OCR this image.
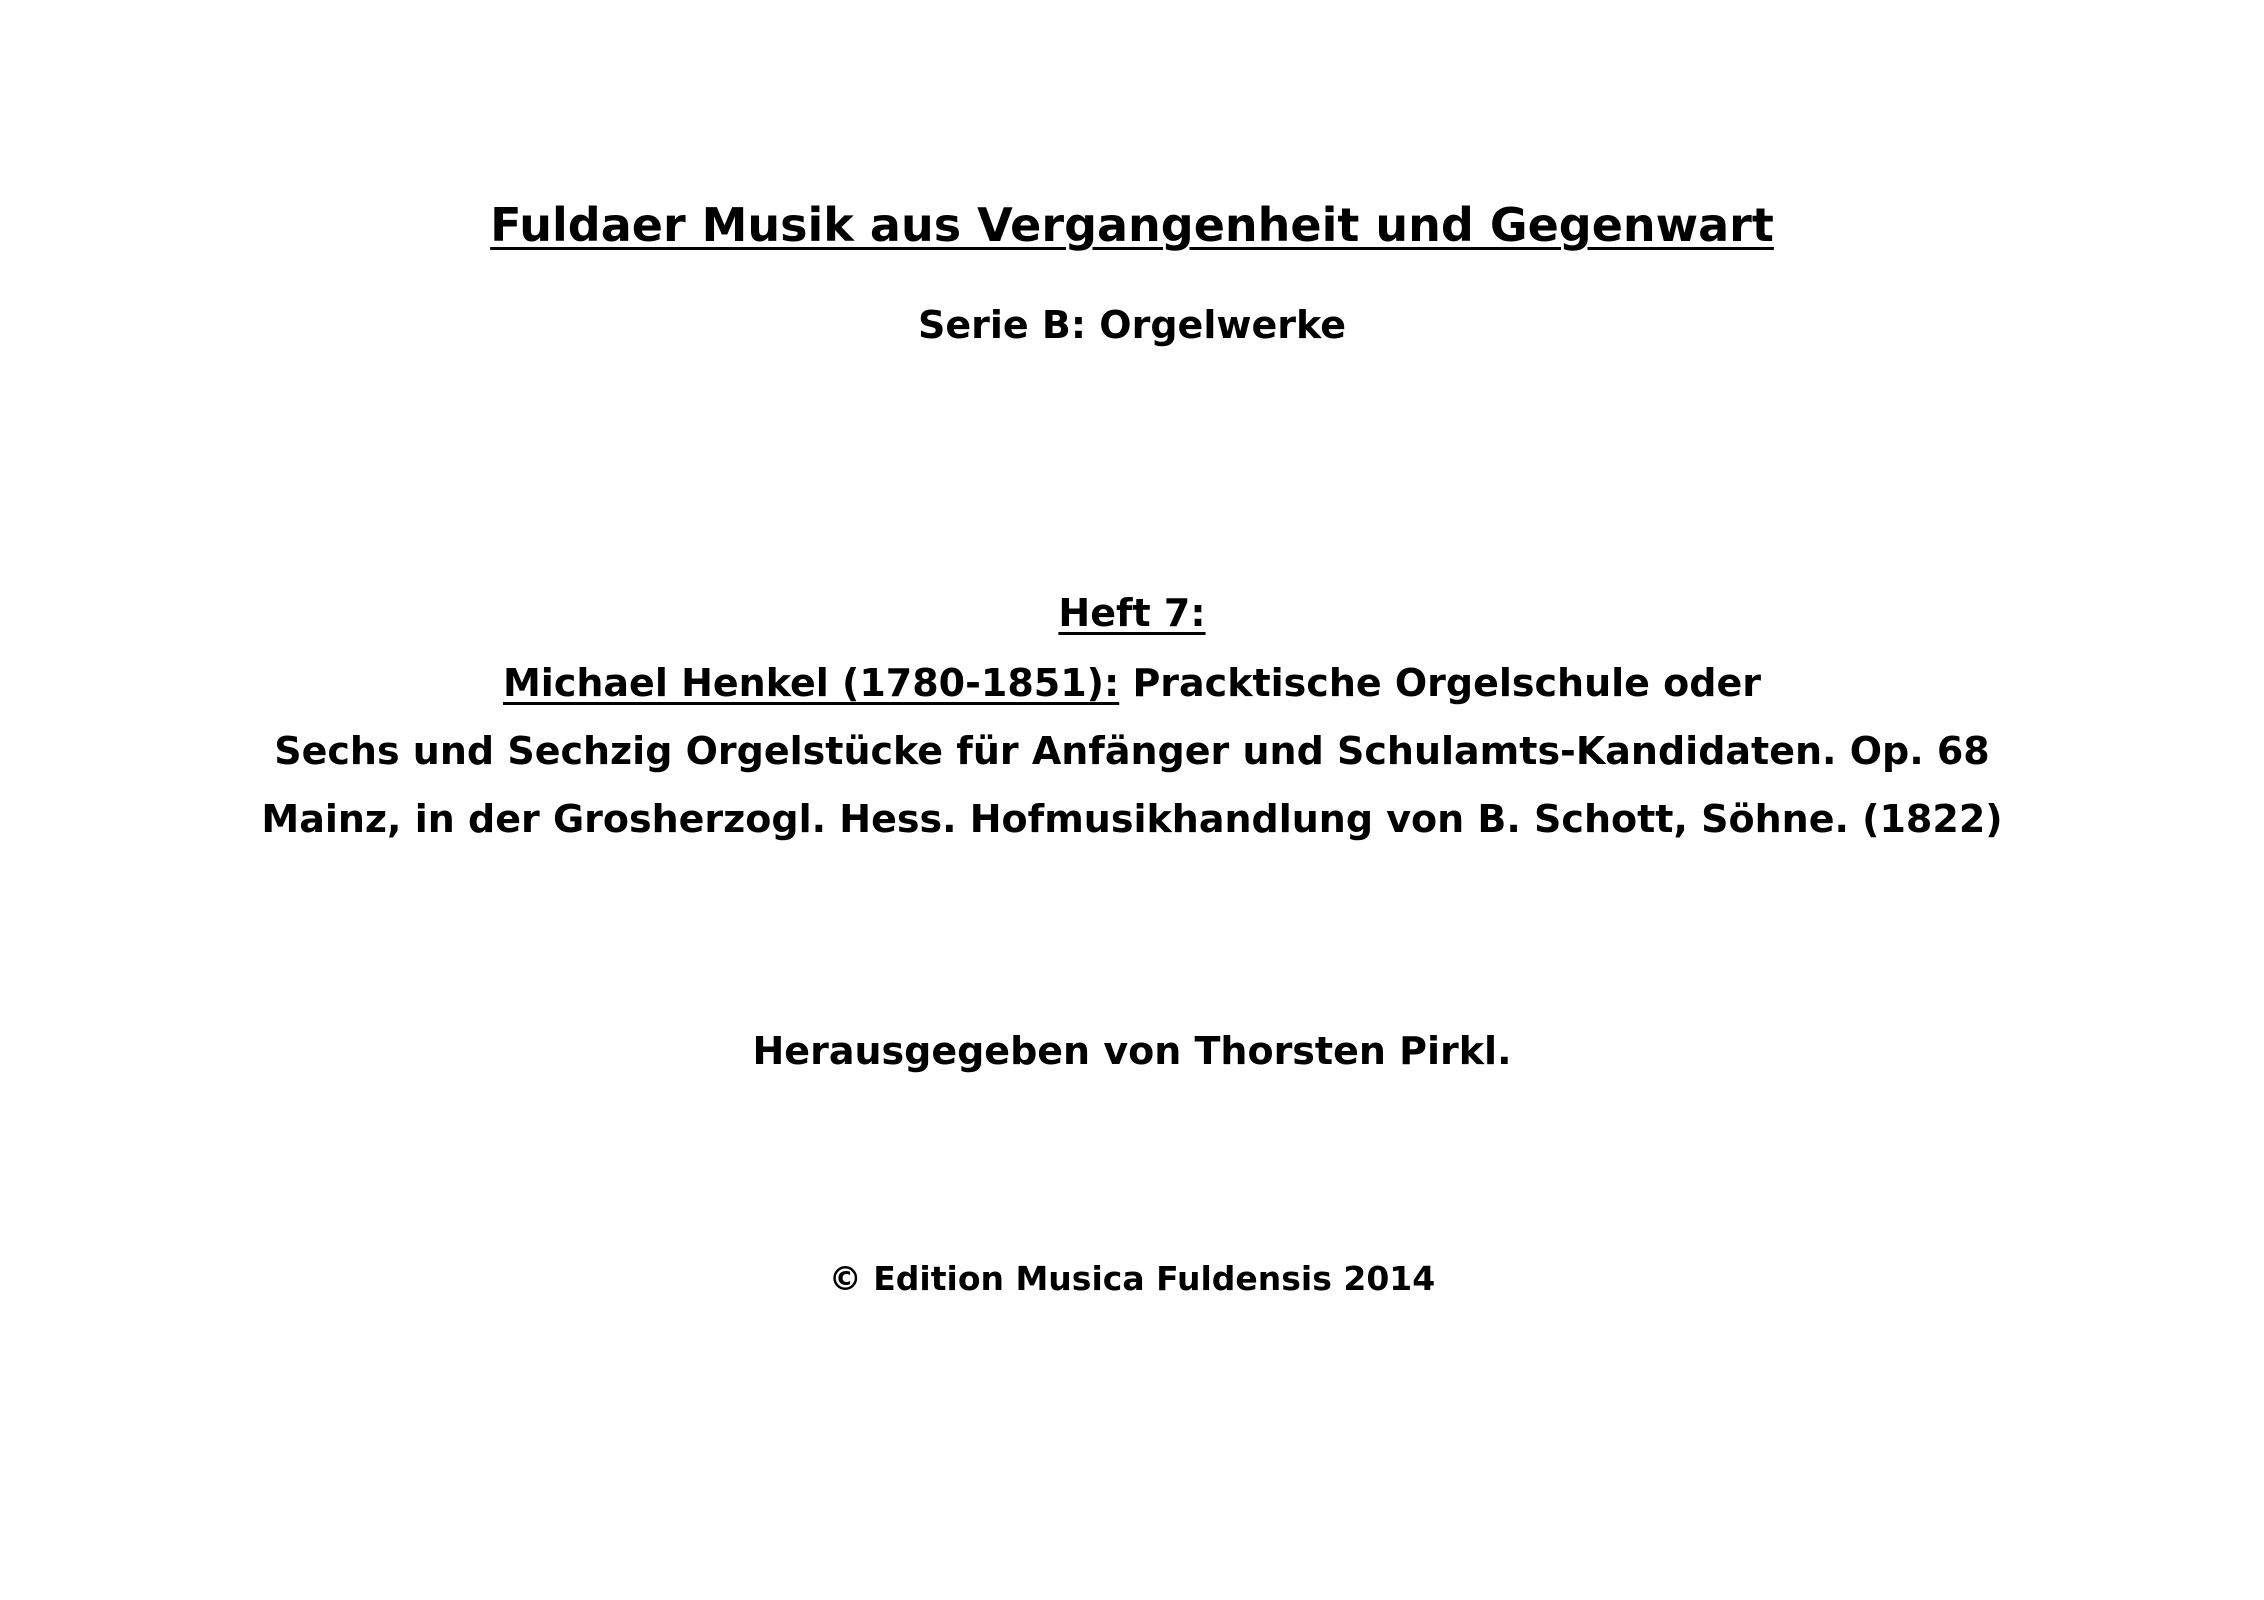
Fuldaer Musik aus Vergangenheit und Gegenwart
Serie B: Orgelwerke
Heft 7:
Michael Henkel (1780-1851): Pracktische Orgelschule oder
Sechs und Sechzig Orgelstücke für Anfänger und Schulamts-Kandidaten. Op. 68
Mainz, in der Grosherzogl. Hess. Hofmusikhandlung von B. Schott, Söhne. (1822)
Herausgegeben von Thorsten Pirkl.
© Edition Musica Fuldensis 2014
